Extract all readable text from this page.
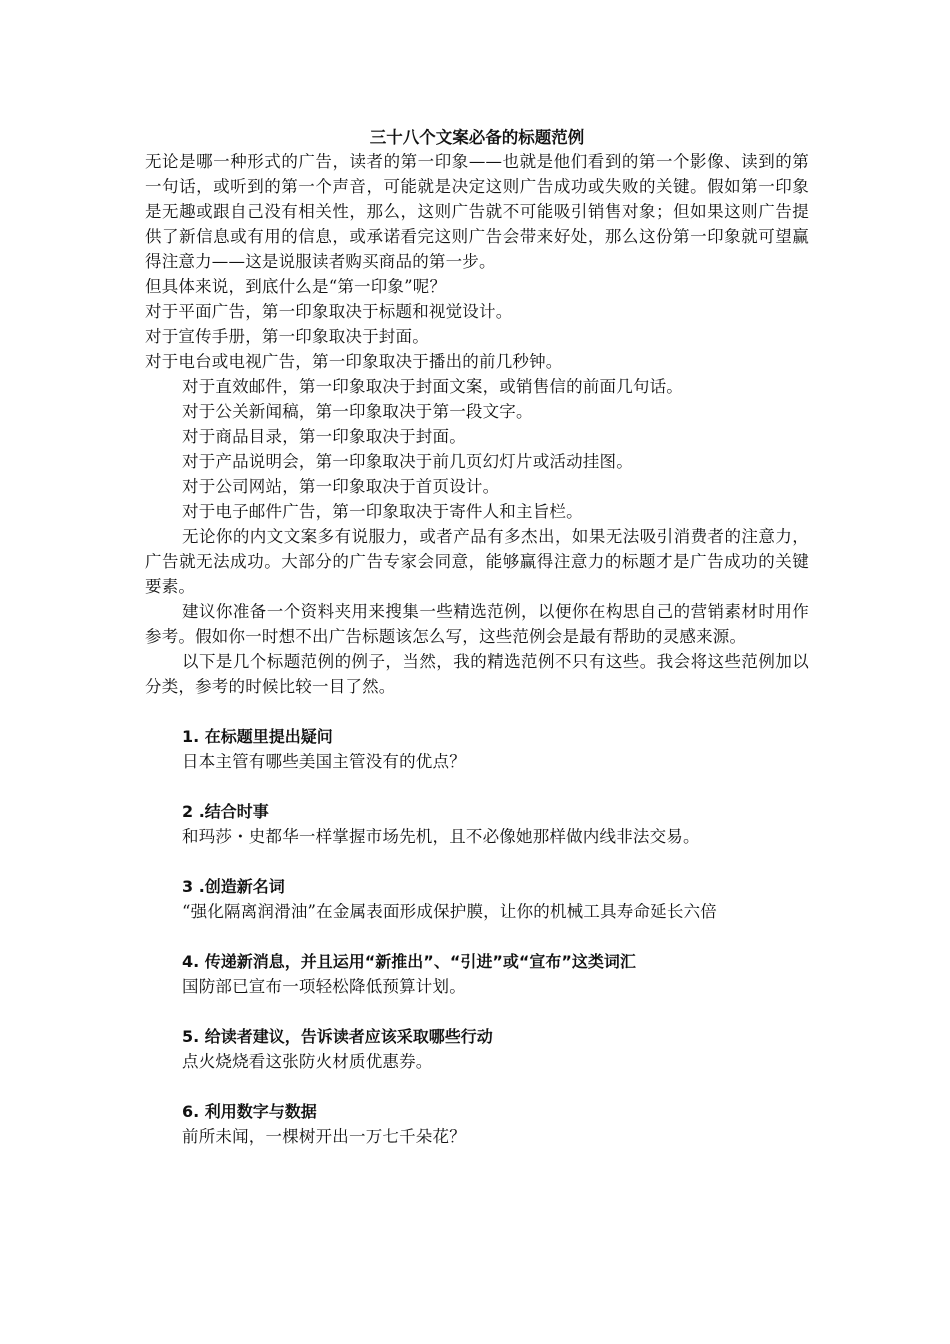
三十八个文案必备的标题范例

无论是哪一种形式的广告，读者的第一印象——也就是他们看到的第一个影像、读到的第一句话，或听到的第一个声音，可能就是决定这则广告成功或失败的关键。假如第一印象是无趣或跟自己没有相关性，那么，这则广告就不可能吸引销售对象；但如果这则广告提供了新信息或有用的信息，或承诺看完这则广告会带来好处，那么这份第一印象就可望赢得注意力——这是说服读者购买商品的第一步。

但具体来说，到底什么是“第一印象”呢？

对于平面广告，第一印象取决于标题和视觉设计。

对于宣传手册，第一印象取决于封面。

对于电台或电视广告，第一印象取决于播出的前几秒钟。

对于直效邮件，第一印象取决于封面文案，或销售信的前面几句话。

对于公关新闻稿，第一印象取决于第一段文字。

对于商品目录，第一印象取决于封面。

对于产品说明会，第一印象取决于前几页幻灯片或活动挂图。

对于公司网站，第一印象取决于首页设计。

对于电子邮件广告，第一印象取决于寄件人和主旨栏。

无论你的内文文案多有说服力，或者产品有多杰出，如果无法吸引消费者的注意力，广告就无法成功。大部分的广告专家会同意，能够赢得注意力的标题才是广告成功的关键要素。

建议你准备一个资料夹用来搜集一些精选范例，以便你在构思自己的营销素材时用作参考。假如你一时想不出广告标题该怎么写，这些范例会是最有帮助的灵感来源。

以下是几个标题范例的例子，当然，我的精选范例不只有这些。我会将这些范例加以分类，参考的时候比较一目了然。

1. 在标题里提出疑问

日本主管有哪些美国主管没有的优点？

2 .结合时事

和玛莎・史都华一样掌握市场先机，且不必像她那样做内线非法交易。

3 .创造新名词

“强化隔离润滑油”在金属表面形成保护膜，让你的机械工具寿命延长六倍

4. 传递新消息，并且运用“新推出”、“引进”或“宣布”这类词汇

国防部已宣布一项轻松降低预算计划。

5. 给读者建议，告诉读者应该采取哪些行动

点火烧烧看这张防火材质优惠券。

6. 利用数字与数据

前所未闻，一棵树开出一万七千朵花？
